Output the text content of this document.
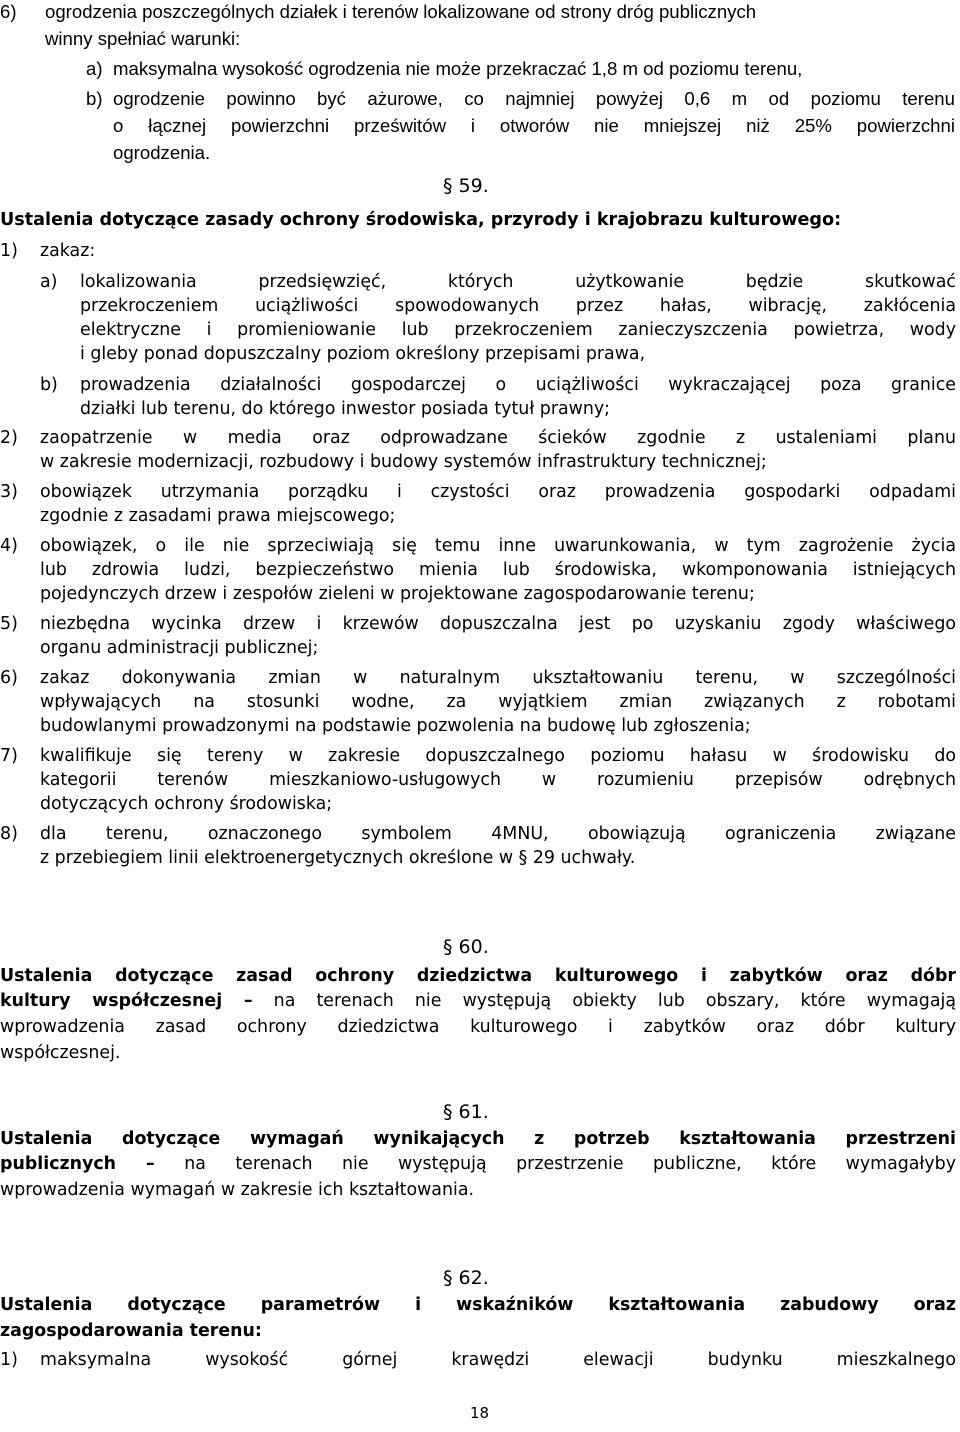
6) ogrodzenia poszczególnych działek i terenów lokalizowane od strony dróg publicznych
winny spełniać warunki:
a) maksymalna wysokość ogrodzenia nie może przekraczać 1,8 m od poziomu terenu,
b) ogrodzenie powinno być ażurowe, co najmniej powyżej 0,6 m od poziomu terenu
o łącznej powierzchni prześwitów i otworów nie mniejszej niż 25% powierzchni
ogrodzenia.
§ 59.
Ustalenia dotyczące zasady ochrony środowiska, przyrody i krajobrazu kulturowego:
1) zakaz:
a) lokalizowania przedsięwzięć, których użytkowanie będzie skutkować
przekroczeniem uciążliwości spowodowanych przez hałas, wibrację, zakłócenia
elektryczne i promieniowanie lub przekroczeniem zanieczyszczenia powietrza, wody
i gleby ponad dopuszczalny poziom określony przepisami prawa,
b) prowadzenia działalności gospodarczej o uciążliwości wykraczającej poza granice
działki lub terenu, do którego inwestor posiada tytuł prawny;
2) zaopatrzenie w media oraz odprowadzane ścieków zgodnie z ustaleniami planu
w zakresie modernizacji, rozbudowy i budowy systemów infrastruktury technicznej;
3) obowiązek utrzymania porządku i czystości oraz prowadzenia gospodarki odpadami
zgodnie z zasadami prawa miejscowego;
4) obowiązek, o ile nie sprzeciwiają się temu inne uwarunkowania, w tym zagrożenie życia
lub zdrowia ludzi, bezpieczeństwo mienia lub środowiska, wkomponowania istniejących
pojedynczych drzew i zespołów zieleni w projektowane zagospodarowanie terenu;
5) niezbędna wycinka drzew i krzewów dopuszczalna jest po uzyskaniu zgody właściwego
organu administracji publicznej;
6) zakaz dokonywania zmian w naturalnym ukształtowaniu terenu, w szczególności
wpływających na stosunki wodne, za wyjątkiem zmian związanych z robotami
budowlanymi prowadzonymi na podstawie pozwolenia na budowę lub zgłoszenia;
7) kwalifikuje się tereny w zakresie dopuszczalnego poziomu hałasu w środowisku do
kategorii terenów mieszkaniowo-usługowych w rozumieniu przepisów odrębnych
dotyczących ochrony środowiska;
8) dla terenu, oznaczonego symbolem 4MNU, obowiązują ograniczenia związane
z przebiegiem linii elektroenergetycznych określone w § 29 uchwały.
§ 60.
Ustalenia dotyczące zasad ochrony dziedzictwa kulturowego i zabytków oraz dóbr
kultury współczesnej – na terenach nie występują obiekty lub obszary, które wymagają
wprowadzenia zasad ochrony dziedzictwa kulturowego i zabytków oraz dóbr kultury
współczesnej.
§ 61.
Ustalenia dotyczące wymagań wynikających z potrzeb kształtowania przestrzeni
publicznych – na terenach nie występują przestrzenie publiczne, które wymagałyby
wprowadzenia wymagań w zakresie ich kształtowania.
§ 62.
Ustalenia dotyczące parametrów i wskaźników kształtowania zabudowy oraz
zagospodarowania terenu:
1) maksymalna wysokość górnej krawędzi elewacji budynku mieszkalnego
18
